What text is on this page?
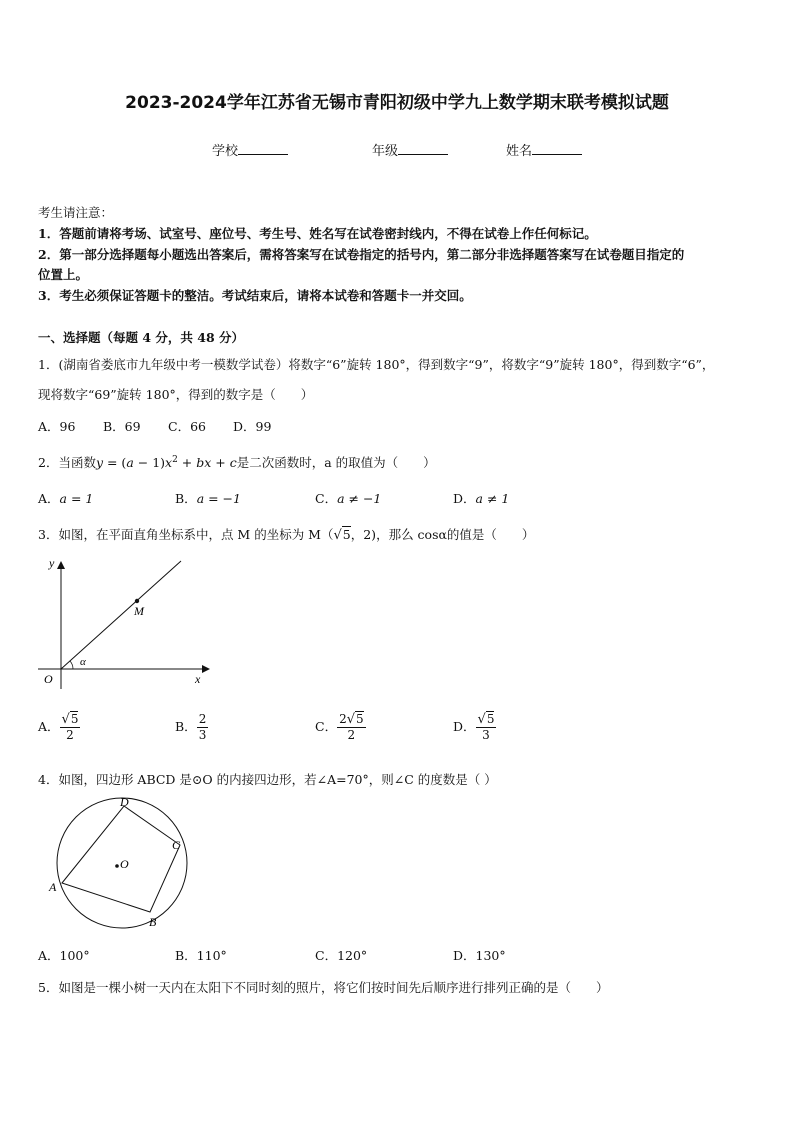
2023-2024学年江苏省无锡市青阳初级中学九上数学期末联考模拟试题
学校	年级	姓名
考生请注意：
1．答题前请将考场、试室号、座位号、考生号、姓名写在试卷密封线内，不得在试卷上作任何标记。
2．第一部分选择题每小题选出答案后，需将答案写在试卷指定的括号内，第二部分非选择题答案写在试卷题目指定的
位置上。
3．考生必须保证答题卡的整洁。考试结束后，请将本试卷和答题卡一并交回。
一、选择题（每题 4 分，共 48 分）
1．(湖南省娄底市九年级中考一模数学试卷）将数字“6”旋转 180°，得到数字“9”，将数字“9”旋转 180°，得到数字“6”，
现将数字“69”旋转 180°，得到的数字是（　　）
A．96 B．69 C．66 D．99
2．当函数$y = (a - 1)x^2$ + bx + c是二次函数时，a 的取值为（　　）
A．a = 1	B．a = −1	C．a ≠ −1	D．a ≠ 1
3．如图，在平面直角坐标系中，点 M 的坐标为 M（√5，2)，那么 cosα的值是（　　）
y
x
O
M
α
A． $\frac{√5}{2}$	B． $\frac{2}{3}$	C． $\frac{2√5}{2}$	D． $\frac{√5}{3}$
4．如图，四边形 ABCD 是⊙O 的内接四边形，若∠A=70°，则∠C 的度数是（ ）
A
B
C
D
O
A．100°	B．110°	C．120°	D．130°
5．如图是一棵小树一天内在太阳下不同时刻的照片，将它们按时间先后顺序进行排列正确的是（　　）
